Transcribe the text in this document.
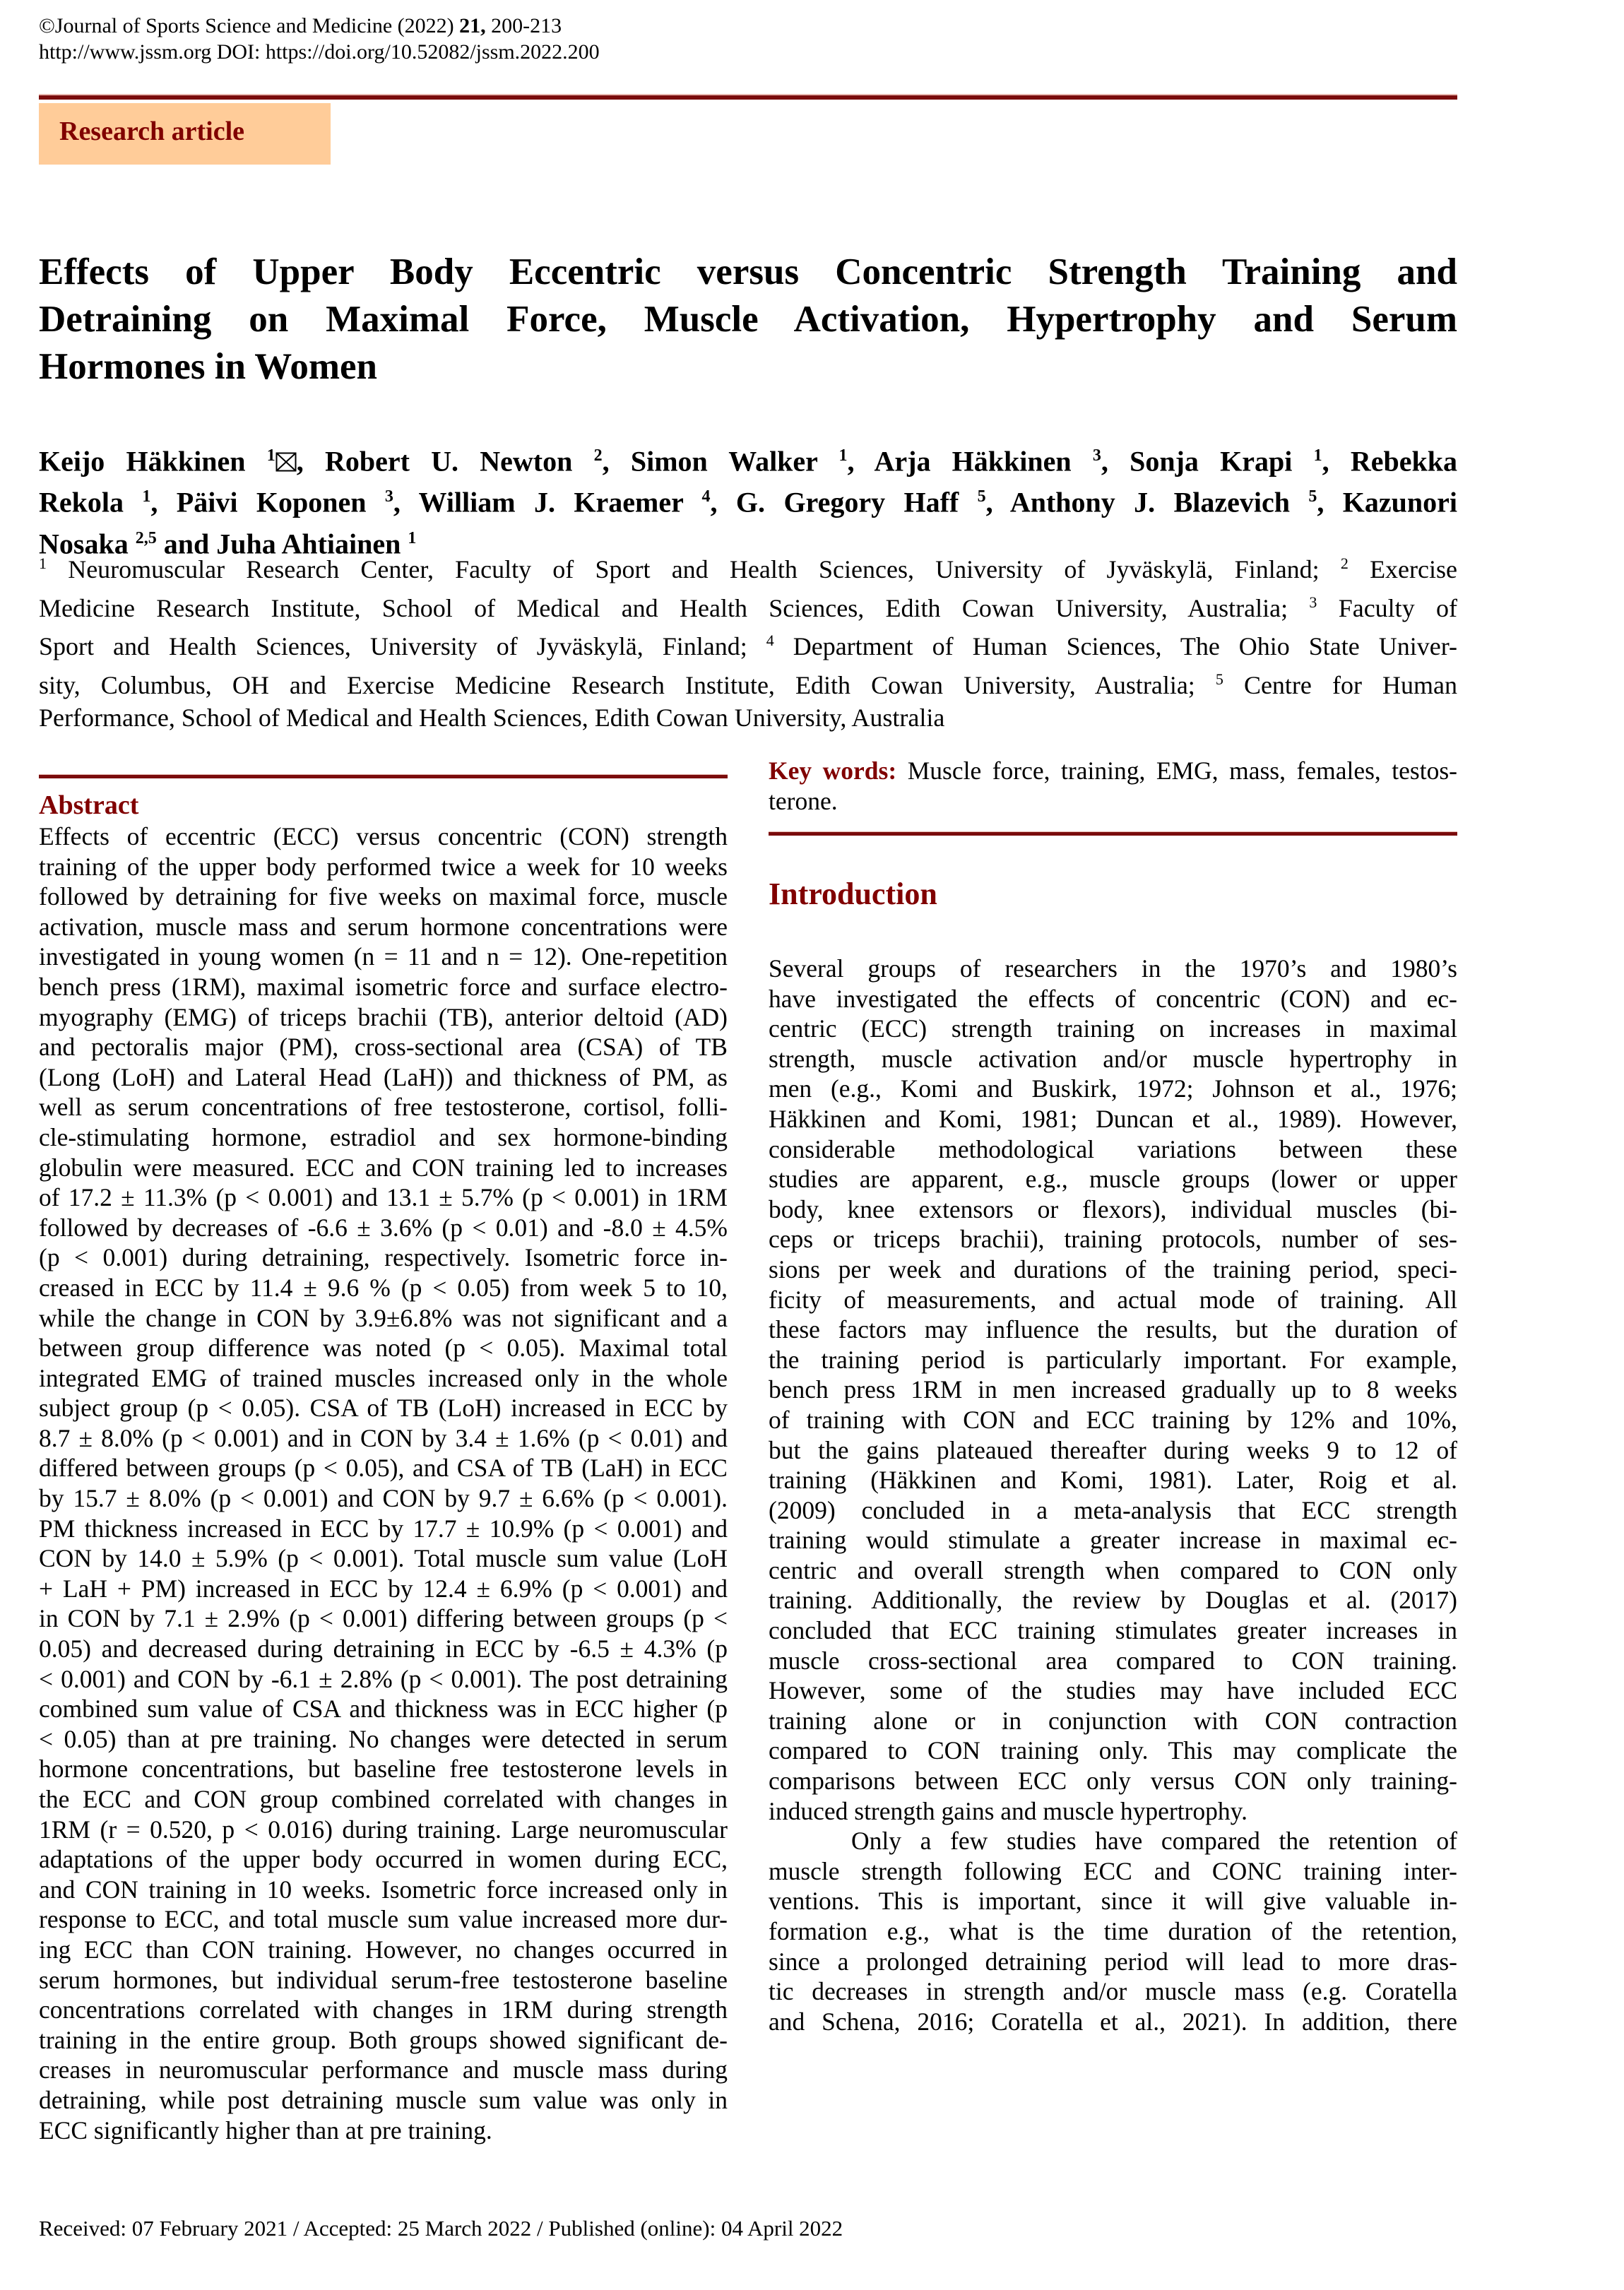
©Journal of Sports Science and Medicine (2022) 21, 200-213
http://www.jssm.org DOI: https://doi.org/10.52082/jssm.2022.200
Research article
Effects of Upper Body Eccentric versus Concentric Strength Training and
Detraining on Maximal Force, Muscle Activation, Hypertrophy and Serum
Hormones in Women
Keijo Häkkinen $^1$ , Robert U. Newton $^2$, Simon Walker $^1$, Arja Häkkinen $^3$, Sonja Krapi $^1$, Rebekka
Rekola $^1$, Päivi Koponen $^3$, William J. Kraemer $^4$, G. Gregory Haff $^5$, Anthony J. Blazevich $^5$, Kazunori
Nosaka $^{2,5}$ and Juha Ahtiainen $^1$
$^1$ Neuromuscular Research Center, Faculty of Sport and Health Sciences, University of Jyväskylä, Finland; $^2$ Exercise
Medicine Research Institute, School of Medical and Health Sciences, Edith Cowan University, Australia; $^3$ Faculty of
Sport and Health Sciences, University of Jyväskylä, Finland; $^4$ Department of Human Sciences, The Ohio State Univer-
sity, Columbus, OH and Exercise Medicine Research Institute, Edith Cowan University, Australia; $^5$ Centre for Human
Performance, School of Medical and Health Sciences, Edith Cowan University, Australia
Abstract
Effects of eccentric (ECC) versus concentric (CON) strength
training of the upper body performed twice a week for 10 weeks
followed by detraining for five weeks on maximal force, muscle
activation, muscle mass and serum hormone concentrations were
investigated in young women (n = 11 and n = 12). One-repetition
bench press (1RM), maximal isometric force and surface electro-
myography (EMG) of triceps brachii (TB), anterior deltoid (AD)
and pectoralis major (PM), cross-sectional area (CSA) of TB
(Long (LoH) and Lateral Head (LaH)) and thickness of PM, as
well as serum concentrations of free testosterone, cortisol, folli-
cle-stimulating hormone, estradiol and sex hormone-binding
globulin were measured. ECC and CON training led to increases
of 17.2 ± 11.3% (p < 0.001) and 13.1 ± 5.7% (p < 0.001) in 1RM
followed by decreases of -6.6 ± 3.6% (p < 0.01) and -8.0 ± 4.5%
(p < 0.001) during detraining, respectively. Isometric force in-
creased in ECC by 11.4 ± 9.6 % (p < 0.05) from week 5 to 10,
while the change in CON by 3.9±6.8% was not significant and a
between group difference was noted (p < 0.05). Maximal total
integrated EMG of trained muscles increased only in the whole
subject group (p < 0.05). CSA of TB (LoH) increased in ECC by
8.7 ± 8.0% (p < 0.001) and in CON by 3.4 ± 1.6% (p < 0.01) and
differed between groups (p < 0.05), and CSA of TB (LaH) in ECC
by 15.7 ± 8.0% (p < 0.001) and CON by 9.7 ± 6.6% (p < 0.001).
PM thickness increased in ECC by 17.7 ± 10.9% (p < 0.001) and
CON by 14.0 ± 5.9% (p < 0.001). Total muscle sum value (LoH
+ LaH + PM) increased in ECC by 12.4 ± 6.9% (p < 0.001) and
in CON by 7.1 ± 2.9% (p < 0.001) differing between groups (p <
0.05) and decreased during detraining in ECC by -6.5 ± 4.3% (p
< 0.001) and CON by -6.1 ± 2.8% (p < 0.001). The post detraining
combined sum value of CSA and thickness was in ECC higher (p
< 0.05) than at pre training. No changes were detected in serum
hormone concentrations, but baseline free testosterone levels in
the ECC and CON group combined correlated with changes in
1RM (r = 0.520, p < 0.016) during training. Large neuromuscular
adaptations of the upper body occurred in women during ECC,
and CON training in 10 weeks. Isometric force increased only in
response to ECC, and total muscle sum value increased more dur-
ing ECC than CON training. However, no changes occurred in
serum hormones, but individual serum-free testosterone baseline
concentrations correlated with changes in 1RM during strength
training in the entire group. Both groups showed significant de-
creases in neuromuscular performance and muscle mass during
detraining, while post detraining muscle sum value was only in
ECC significantly higher than at pre training.
Key words: Muscle force, training, EMG, mass, females, testos-
terone.
Introduction
Several groups of researchers in the 1970’s and 1980’s
have investigated the effects of concentric (CON) and ec-
centric (ECC) strength training on increases in maximal
strength, muscle activation and/or muscle hypertrophy in
men (e.g., Komi and Buskirk, 1972; Johnson et al., 1976;
Häkkinen and Komi, 1981; Duncan et al., 1989). However,
considerable methodological variations between these
studies are apparent, e.g., muscle groups (lower or upper
body, knee extensors or flexors), individual muscles (bi-
ceps or triceps brachii), training protocols, number of ses-
sions per week and durations of the training period, speci-
ficity of measurements, and actual mode of training. All
these factors may influence the results, but the duration of
the training period is particularly important. For example,
bench press 1RM in men increased gradually up to 8 weeks
of training with CON and ECC training by 12% and 10%,
but the gains plateaued thereafter during weeks 9 to 12 of
training (Häkkinen and Komi, 1981). Later, Roig et al.
(2009) concluded in a meta-analysis that ECC strength
training would stimulate a greater increase in maximal ec-
centric and overall strength when compared to CON only
training. Additionally, the review by Douglas et al. (2017)
concluded that ECC training stimulates greater increases in
muscle cross-sectional area compared to CON training.
However, some of the studies may have included ECC
training alone or in conjunction with CON contraction
compared to CON training only. This may complicate the
comparisons between ECC only versus CON only training-
induced strength gains and muscle hypertrophy.
Only a few studies have compared the retention of
muscle strength following ECC and CONC training inter-
ventions. This is important, since it will give valuable in-
formation e.g., what is the time duration of the retention,
since a prolonged detraining period will lead to more dras-
tic decreases in strength and/or muscle mass (e.g. Coratella
and Schena, 2016; Coratella et al., 2021). In addition, there
Received: 07 February 2021 / Accepted: 25 March 2022 / Published (online): 04 April 2022
